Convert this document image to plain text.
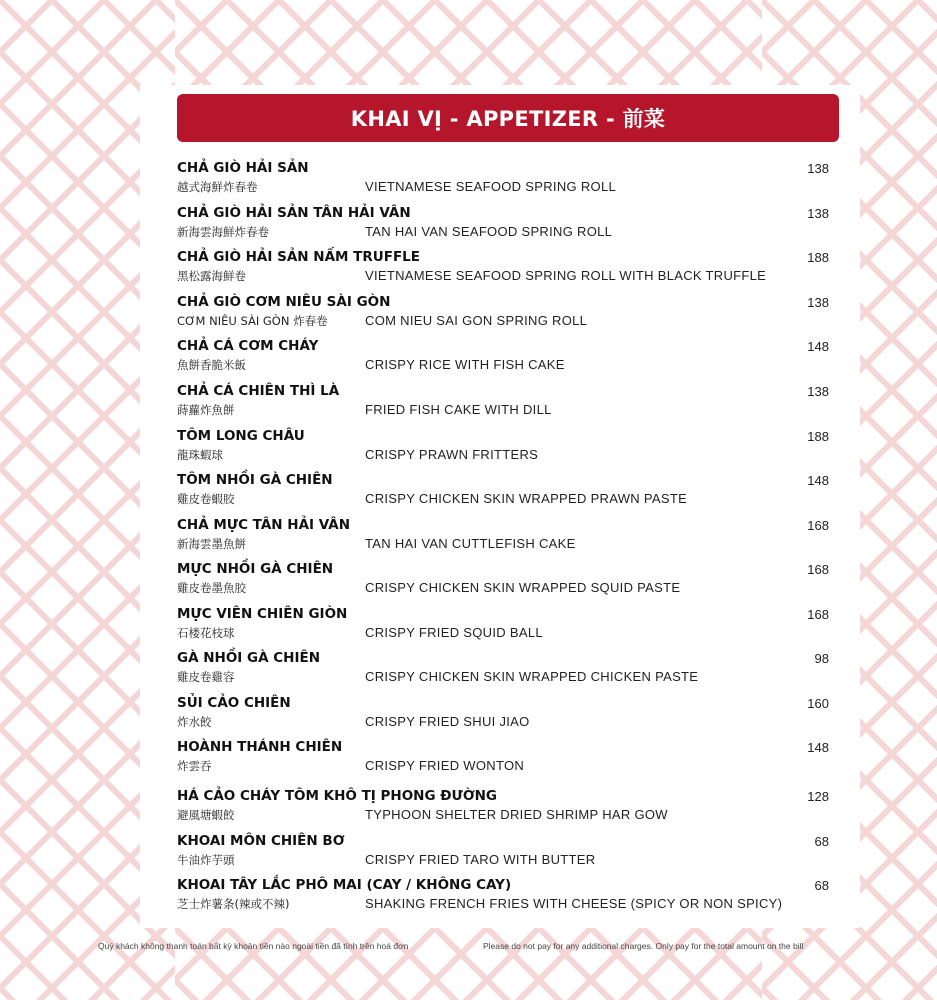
KHAI VỊ - APPETIZER - 前菜
CHẢ GIÒ HẢI SẢN
越式海鮮炸春卷	VIETNAMESE SEAFOOD SPRING ROLL
138
CHẢ GIÒ HẢI SẢN TÂN HẢI VÂN
新海雲海鮮炸春卷	TAN HAI VAN SEAFOOD SPRING ROLL
138
CHẢ GIÒ HẢI SẢN NẤM TRUFFLE
黑松露海鮮卷	VIETNAMESE SEAFOOD SPRING ROLL WITH BLACK TRUFFLE
188
CHẢ GIÒ CƠM NIÊU SÀI GÒN
CƠM NIÊU SÀI GÒN 炸春卷	COM NIEU SAI GON SPRING ROLL
138
CHẢ CÁ CƠM CHÁY
魚餅香脆米飯	CRISPY RICE WITH FISH CAKE
148
CHẢ CÁ CHIÊN THÌ LÀ
蒔蘿炸魚餅	FRIED FISH CAKE WITH DILL
138
TÔM LONG CHÂU
龍珠蝦球	CRISPY PRAWN FRITTERS
188
TÔM NHỒI GÀ CHIÊN
雞皮卷蝦胶	CRISPY CHICKEN SKIN WRAPPED PRAWN PASTE
148
CHẢ MỰC TÂN HẢI VÂN
新海雲墨魚餅	TAN HAI VAN CUTTLEFISH CAKE
168
MỰC NHỒI GÀ CHIÊN
雞皮卷墨魚胶	CRISPY CHICKEN SKIN WRAPPED SQUID PASTE
168
MỰC VIÊN CHIÊN GIÒN
石楼花枝球	CRISPY FRIED SQUID BALL
168
GÀ NHỒI GÀ CHIÊN
雞皮卷雞容	CRISPY CHICKEN SKIN WRAPPED CHICKEN PASTE
98
SỦI CẢO CHIÊN
炸水餃	CRISPY FRIED SHUI JIAO
160
HOÀNH THÁNH CHIÊN
炸雲吞	CRISPY FRIED WONTON
148
HÁ CẢO CHÁY TÔM KHÔ TỊ PHONG ĐƯỜNG
避風塘蝦餃	TYPHOON SHELTER DRIED SHRIMP HAR GOW
128
KHOAI MÔN CHIÊN BƠ
牛油炸芋頭	CRISPY FRIED TARO WITH BUTTER
68
KHOAI TÂY LẮC PHÔ MAI (CAY / KHÔNG CAY)
芝士炸薯条(辣或不辣)	SHAKING FRENCH FRIES WITH CHEESE (SPICY OR NON SPICY)
68
Quý khách không thanh toán bất kỳ khoản tiền nào ngoài tiền đã tính trên hoá đơn	Please do not pay for any additional charges. Only pay for the total amount on the bill
